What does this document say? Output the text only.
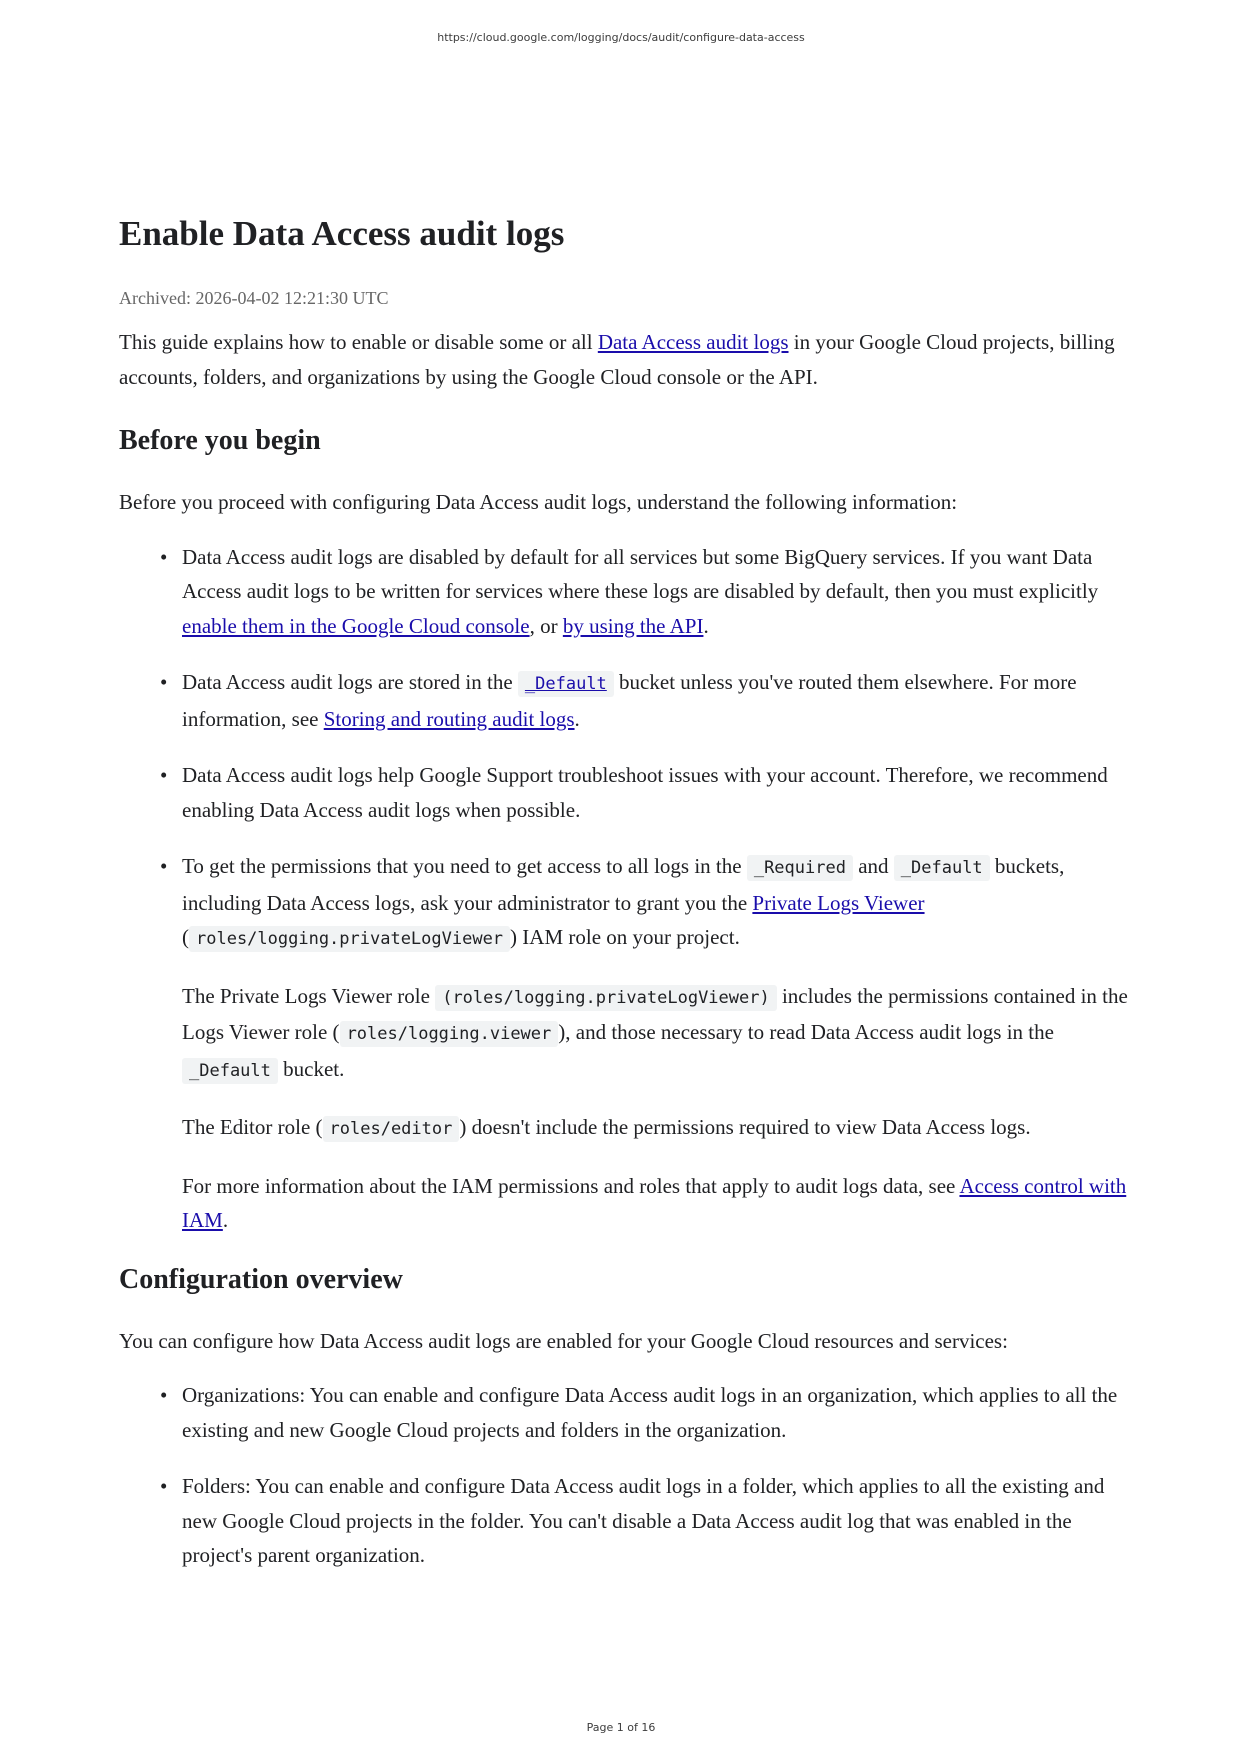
https://cloud.google.com/logging/docs/audit/configure-data-access
Enable Data Access audit logs
Archived: 2026-04-02 12:21:30 UTC

This guide explains how to enable or disable some or all Data Access audit logs in your Google Cloud projects, billing accounts, folders, and organizations by using the Google Cloud console or the API.

Before you begin

Before you proceed with configuring Data Access audit logs, understand the following information:

• Data Access audit logs are disabled by default for all services but some BigQuery services. If you want Data Access audit logs to be written for services where these logs are disabled by default, then you must explicitly enable them in the Google Cloud console, or by using the API.
• Data Access audit logs are stored in the _Default bucket unless you've routed them elsewhere. For more information, see Storing and routing audit logs.
• Data Access audit logs help Google Support troubleshoot issues with your account. Therefore, we recommend enabling Data Access audit logs when possible.
• To get the permissions that you need to get access to all logs in the _Required and _Default buckets, including Data Access logs, ask your administrator to grant you the Private Logs Viewer ( roles/logging.privateLogViewer ) IAM role on your project.

The Private Logs Viewer role (roles/logging.privateLogViewer) includes the permissions contained in the Logs Viewer role ( roles/logging.viewer ), and those necessary to read Data Access audit logs in the _Default bucket.

The Editor role ( roles/editor ) doesn't include the permissions required to view Data Access logs.

For more information about the IAM permissions and roles that apply to audit logs data, see Access control with IAM.

Configuration overview

You can configure how Data Access audit logs are enabled for your Google Cloud resources and services:

• Organizations: You can enable and configure Data Access audit logs in an organization, which applies to all the existing and new Google Cloud projects and folders in the organization.
• Folders: You can enable and configure Data Access audit logs in a folder, which applies to all the existing and new Google Cloud projects in the folder. You can't disable a Data Access audit log that was enabled in the project's parent organization.
Page 1 of 16
